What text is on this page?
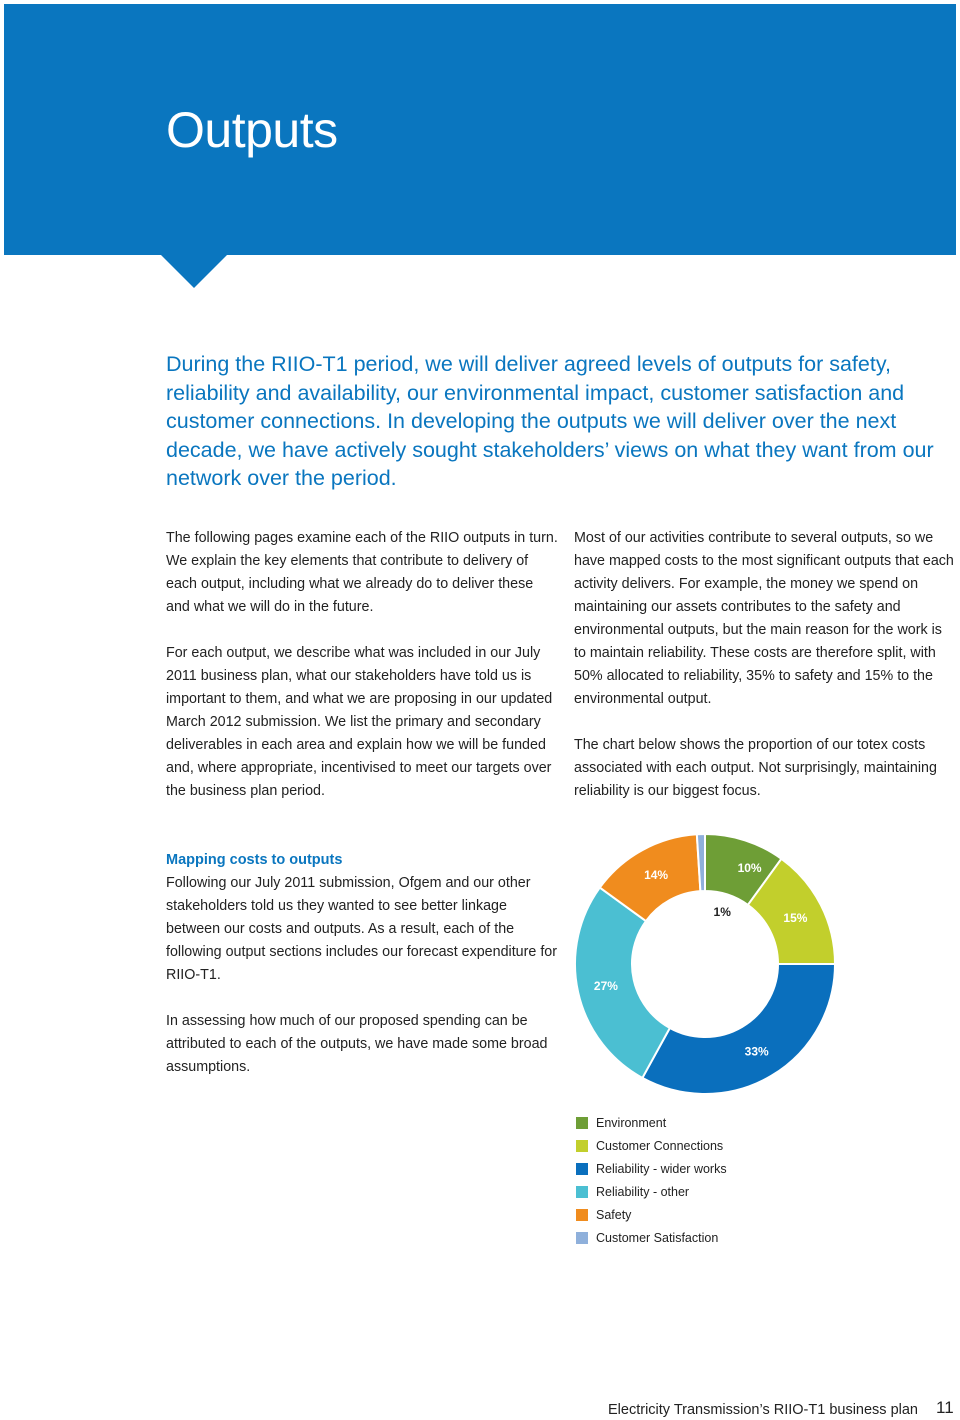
Outputs

During the RIIO-T1 period, we will deliver agreed levels of outputs for safety, reliability and availability, our environmental impact, customer satisfaction and customer connections. In developing the outputs we will deliver over the next decade, we have actively sought stakeholders’ views on what they want from our network over the period.

The following pages examine each of the RIIO outputs in turn. We explain the key elements that contribute to delivery of each output, including what we already do to deliver these and what we will do in the future.

For each output, we describe what was included in our July 2011 business plan, what our stakeholders have told us is important to them, and what we are proposing in our updated March 2012 submission. We list the primary and secondary deliverables in each area and explain how we will be funded and, where appropriate, incentivised to meet our targets over the business plan period.

Most of our activities contribute to several outputs, so we have mapped costs to the most significant outputs that each activity delivers. For example, the money we spend on maintaining our assets contributes to the safety and environmental outputs, but the main reason for the work is to maintain reliability. These costs are therefore split, with 50% allocated to reliability, 35% to safety and 15% to the environmental output.

The chart below shows the proportion of our totex costs associated with each output. Not surprisingly, maintaining reliability is our biggest focus.

Mapping costs to outputs

Following our July 2011 submission, Ofgem and our other stakeholders told us they wanted to see better linkage between our costs and outputs. As a result, each of the following output sections includes our forecast expenditure for RIIO-T1.

In assessing how much of our proposed spending can be attributed to each of the outputs, we have made some broad assumptions.

10%
15%
33%
27%
14%
1%
Environment
Customer Connections
Reliability - wider works
Reliability - other
Safety
Customer Satisfaction
Electricity Transmission’s RIIO-T1 business plan 11
